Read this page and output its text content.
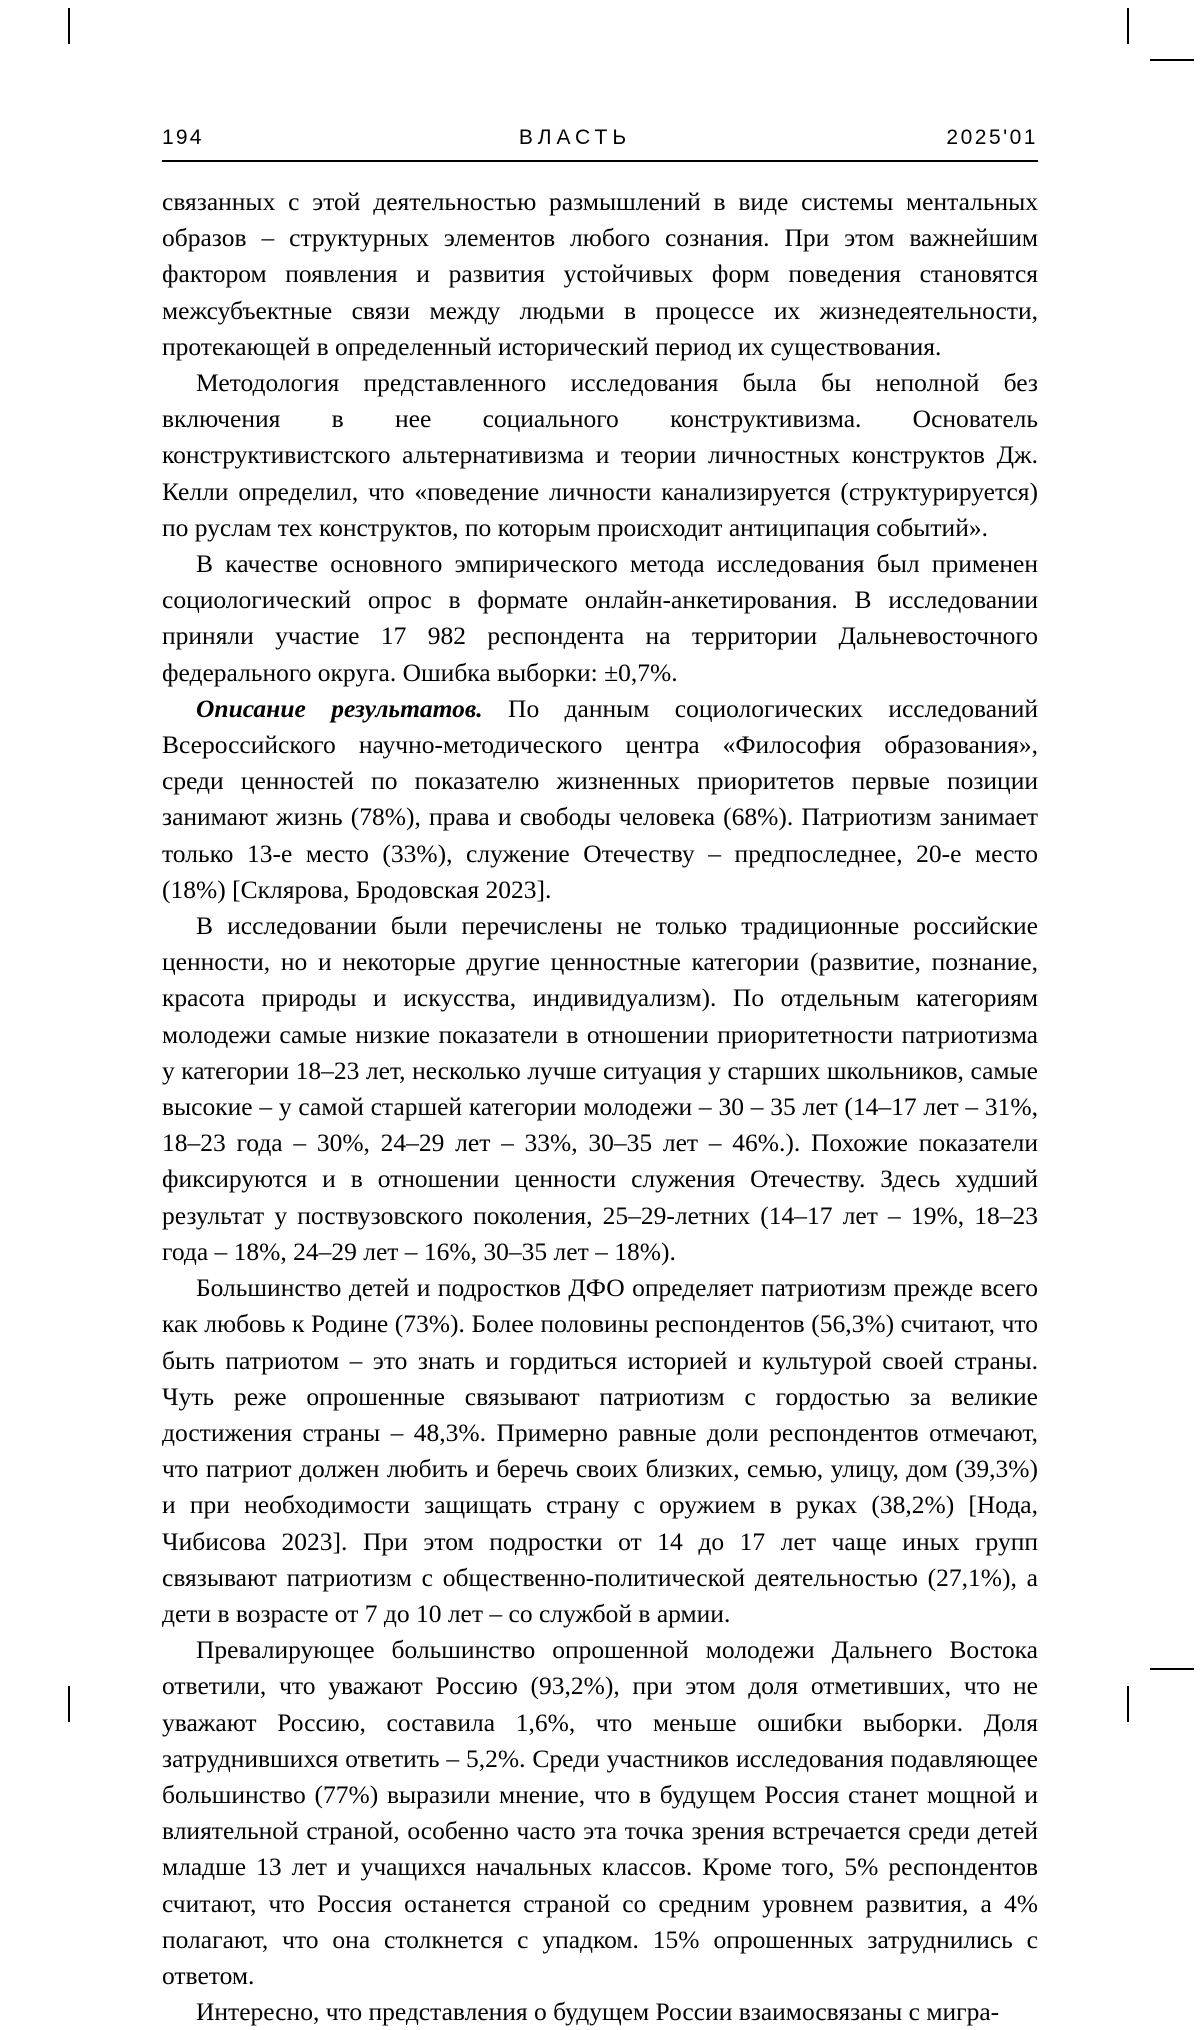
194	ВЛАСТЬ	2025'01

связанных с этой деятельностью размышлений в виде системы ментальных образов – структурных элементов любого сознания. При этом важнейшим фактором появления и развития устойчивых форм поведения становятся межсубъектные связи между людьми в процессе их жизнедеятельности, протекающей в определенный исторический период их существования.

Методология представленного исследования была бы неполной без включения в нее социального конструктивизма. Основатель конструктивистского альтернативизма и теории личностных конструктов Дж. Келли определил, что «поведение личности канализируется (структурируется) по руслам тех конструктов, по которым происходит антиципация событий».

В качестве основного эмпирического метода исследования был применен социологический опрос в формате онлайн-анкетирования. В исследовании приняли участие 17 982 респондента на территории Дальневосточного федерального округа. Ошибка выборки: ±0,7%.

Описание результатов. По данным социологических исследований Всероссийского научно-методического центра «Философия образования», среди ценностей по показателю жизненных приоритетов первые позиции занимают жизнь (78%), права и свободы человека (68%). Патриотизм занимает только 13-е место (33%), служение Отечеству – предпоследнее, 20-е место (18%) [Склярова, Бродовская 2023].

В исследовании были перечислены не только традиционные российские ценности, но и некоторые другие ценностные категории (развитие, познание, красота природы и искусства, индивидуализм). По отдельным категориям молодежи самые низкие показатели в отношении приоритетности патриотизма у категории 18–23 лет, несколько лучше ситуация у старших школьников, самые высокие – у самой старшей категории молодежи – 30 – 35 лет (14–17 лет – 31%, 18–23 года – 30%, 24–29 лет – 33%, 30–35 лет – 46%.). Похожие показатели фиксируются и в отношении ценности служения Отечеству. Здесь худший результат у поствузовского поколения, 25–29-летних (14–17 лет – 19%, 18–23 года – 18%, 24–29 лет – 16%, 30–35 лет – 18%).

Большинство детей и подростков ДФО определяет патриотизм прежде всего как любовь к Родине (73%). Более половины респондентов (56,3%) считают, что быть патриотом – это знать и гордиться историей и культурой своей страны. Чуть реже опрошенные связывают патриотизм с гордостью за великие достижения страны – 48,3%. Примерно равные доли респондентов отмечают, что патриот должен любить и беречь своих близких, семью, улицу, дом (39,3%) и при необходимости защищать страну с оружием в руках (38,2%) [Нода, Чибисова 2023]. При этом подростки от 14 до 17 лет чаще иных групп связывают патриотизм с общественно-политической деятельностью (27,1%), а дети в возрасте от 7 до 10 лет – со службой в армии.

Превалирующее большинство опрошенной молодежи Дальнего Востока ответили, что уважают Россию (93,2%), при этом доля отметивших, что не уважают Россию, составила 1,6%, что меньше ошибки выборки. Доля затруднившихся ответить – 5,2%. Среди участников исследования подавляющее большинство (77%) выразили мнение, что в будущем Россия станет мощной и влиятельной страной, особенно часто эта точка зрения встречается среди детей младше 13 лет и учащихся начальных классов. Кроме того, 5% респондентов считают, что Россия останется страной со средним уровнем развития, а 4% полагают, что она столкнется с упадком. 15% опрошенных затруднились с ответом.

Интересно, что представления о будущем России взаимосвязаны с мигра-
